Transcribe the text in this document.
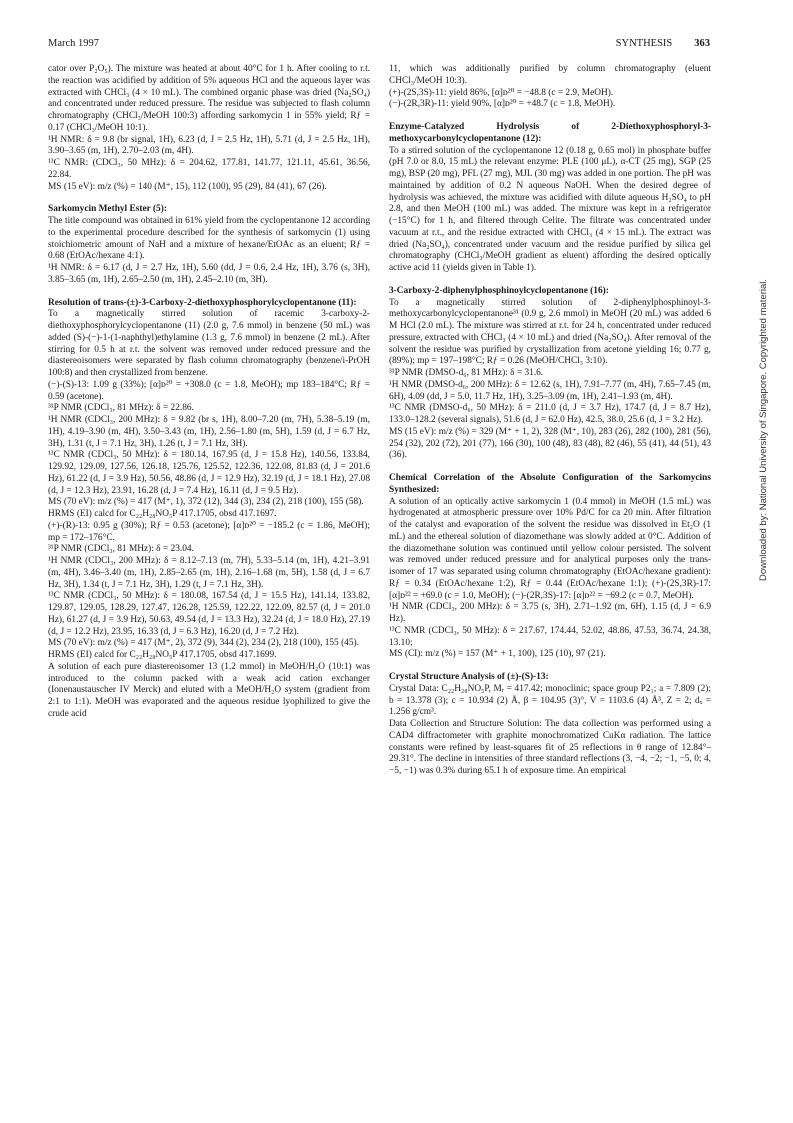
March 1997	SYNTHESIS 363

cator over P₂O₅). The mixture was heated at about 40°C for 1 h. After cooling to r.t. the reaction was acidified by addition of 5% aqueous HCl and the aqueous layer was extracted with CHCl₃ (4 × 10 mL). The combined organic phase was dried (Na₂SO₄) and concentrated under reduced pressure. The residue was subjected to flash column chromatography (CHCl₃/MeOH 100:3) affording sarkomycin 1 in 55% yield; Rƒ = 0.17 (CHCl₃/MeOH 10:1).

¹H NMR: δ = 9.8 (br signal, 1H), 6.23 (d, J = 2.5 Hz, 1H), 5.71 (d, J = 2.5 Hz, 1H), 3.90–3.65 (m, 1H), 2.70–2.03 (m, 4H).

¹³C NMR: (CDCl₃, 50 MHz): δ = 204.62, 177.81, 141.77, 121.11, 45.61, 36.56, 22.84.

MS (15 eV): m/z (%) = 140 (M⁺, 15), 112 (100), 95 (29), 84 (41), 67 (26).

Sarkomycin Methyl Ester (5):

The title compound was obtained in 61% yield from the cyclopentanone 12 according to the experimental procedure described for the synthesis of sarkomycin (1) using stoichiometric amount of NaH and a mixture of hexane/EtOAc as an eluent; Rƒ = 0.68 (EtOAc/hexane 4:1).

¹H NMR: δ = 6.17 (d, J = 2.7 Hz, 1H), 5.60 (dd, J = 0.6, 2.4 Hz, 1H), 3.76 (s, 3H), 3.85–3.65 (m, 1H), 2.65–2.50 (m, 1H), 2.45–2.10 (m, 3H).

Resolution of trans-(±)-3-Carboxy-2-diethoxyphosphorylcyclopentanone (11):

To a magnetically stirred solution of racemic 3-carboxy-2-diethoxyphosphorylcyclopentanone (11) (2.0 g, 7.6 mmol) in benzene (50 mL) was added (S)-(−)-1-(1-naphthyl)ethylamine (1.3 g, 7.6 mmol) in benzene (2 mL). After stirring for 0.5 h at r.t. the solvent was removed under reduced pressure and the diastereoisomers were separated by flash column chromatography (benzene/i-PrOH 100:8) and then crystallized from benzene.

(−)-(S)-13: 1.09 g (33%); [α]ᴅ²⁰ = +308.0 (c = 1.8, MeOH); mp 183–184°C; Rƒ = 0.59 (acetone).

³¹P NMR (CDCl₃, 81 MHz): δ = 22.86.

¹H NMR (CDCl₃, 200 MHz): δ = 9.82 (br s, 1H), 8.00–7.20 (m, 7H), 5.38–5.19 (m, 1H), 4.19–3.90 (m, 4H), 3.50–3.43 (m, 1H), 2.56–1.80 (m, 5H), 1.59 (d, J = 6.7 Hz, 3H), 1.31 (t, J = 7.1 Hz, 3H), 1.26 (t, J = 7.1 Hz, 3H).

¹³C NMR (CDCl₃, 50 MHz): δ = 180.14, 167.95 (d, J = 15.8 Hz), 140.56, 133.84, 129.92, 129.09, 127.56, 126.18, 125.76, 125.52, 122.36, 122.08, 81.83 (d, J = 201.6 Hz), 61.22 (d, J = 3.9 Hz), 50.56, 48.86 (d, J = 12.9 Hz), 32.19 (d, J = 18.1 Hz), 27.08 (d, J = 12.3 Hz), 23.91, 16.28 (d, J = 7.4 Hz), 16.11 (d, J = 9.5 Hz).

MS (70 eV): m/z (%) = 417 (M⁺, 1), 372 (12), 344 (3), 234 (2), 218 (100), 155 (58).

HRMS (EI) calcd for C₂₂H₂₈NO₅P 417.1705, obsd 417.1697.

(+)-(R)-13: 0.95 g (30%); Rƒ = 0.53 (acetone); [α]ᴅ²⁰ = −185.2 (c = 1.86, MeOH); mp = 172–176°C.

³¹P NMR (CDCl₃, 81 MHz): δ = 23.04.

¹H NMR (CDCl₃, 200 MHz): δ = 8.12–7.13 (m, 7H), 5.33–5.14 (m, 1H), 4.21–3.91 (m, 4H), 3.46–3.40 (m, 1H), 2.85–2.65 (m, 1H), 2.16–1.68 (m, 5H), 1.58 (d, J = 6.7 Hz, 3H), 1.34 (t, J = 7.1 Hz, 3H), 1.29 (t, J = 7.1 Hz, 3H).

¹³C NMR (CDCl₃, 50 MHz): δ = 180.08, 167.54 (d, J = 15.5 Hz), 141.14, 133.82, 129.87, 129.05, 128.29, 127.47, 126.28, 125.59, 122.22, 122.09, 82.57 (d, J = 201.0 Hz), 61.27 (d, J = 3.9 Hz), 50.63, 49.54 (d, J = 13.3 Hz), 32.24 (d, J = 18.0 Hz), 27.19 (d, J = 12.2 Hz), 23.95, 16.33 (d, J = 6.3 Hz), 16.20 (d, J = 7.2 Hz).

MS (70 eV): m/z (%) = 417 (M⁺, 2), 372 (9), 344 (2), 234 (2), 218 (100), 155 (45).

HRMS (EI) calcd for C₂₂H₂₈NO₅P 417.1705, obsd 417.1699.

A solution of each pure diastereoisomer 13 (1.2 mmol) in MeOH/H₂O (10:1) was introduced to the column packed with a weak acid cation exchanger (Ionenaustauscher IV Merck) and eluted with a MeOH/H₂O system (gradient from 2:1 to 1:1). MeOH was evaporated and the aqueous residue lyophilized to give the crude acid

11, which was additionally purified by column chromatography (eluent CHCl₃/MeOH 10:3).

(+)-(2S,3S)-11: yield 86%, [α]ᴅ²⁰ = −48.8 (c = 2.9, MeOH).

(−)-(2R,3R)-11: yield 90%, [α]ᴅ²⁰ = +48.7 (c = 1.8, MeOH).

Enzyme-Catalyzed Hydrolysis of 2-Diethoxyphosphoryl-3-methoxycarbonylcyclopentanone (12):

To a stirred solution of the cyclopentanone 12 (0.18 g, 0.65 mol) in phosphate buffer (pH 7.0 or 8.0, 15 mL) the relevant enzyme: PLE (100 μL), α-CT (25 mg), SGP (25 mg), BSP (20 mg), PFL (27 mg), MJL (30 mg) was added in one portion. The pH was maintained by addition of 0.2 N aqueous NaOH. When the desired degree of hydrolysis was achieved, the mixture was acidified with dilute aqueous H₂SO₄ to pH 2.8, and then MeOH (100 mL) was added. The mixture was kept in a refrigerator (−15°C) for 1 h, and filtered through Celite. The filtrate was concentrated under vacuum at r.t., and the residue extracted with CHCl₃ (4 × 15 mL). The extract was dried (Na₂SO₄), concentrated under vacuum and the residue purified by silica gel chromatography (CHCl₃/MeOH gradient as eluent) affording the desired optically active acid 11 (yields given in Table 1).

3-Carboxy-2-diphenylphosphinoylcyclopentanone (16):

To a magnetically stirred solution of 2-diphenylphosphinoyl-3-methoxycarbonylcyclopentanone³¹ (0.9 g, 2.6 mmol) in MeOH (20 mL) was added 6 M HCl (2.0 mL). The mixture was stirred at r.t. for 24 h, concentrated under reduced pressure, extracted with CHCl₃ (4 × 10 mL) and dried (Na₂SO₄). After removal of the solvent the residue was purified by crystallization from acetone yielding 16; 0.77 g, (89%); mp = 197–198°C; Rƒ = 0.26 (MeOH/CHCl₃ 3:10).

³¹P NMR (DMSO-d₆, 81 MHz): δ = 31.6.

¹H NMR (DMSO-d₆, 200 MHz): δ = 12.62 (s, 1H), 7.91–7.77 (m, 4H), 7.65–7.45 (m, 6H), 4.09 (dd, J = 5.0, 11.7 Hz, 1H), 3.25–3.09 (m, 1H), 2.41–1.93 (m, 4H).

¹³C NMR (DMSO-d₆, 50 MHz): δ = 211.0 (d, J = 3.7 Hz), 174.7 (d, J = 8.7 Hz), 133.0–128.2 (several signals), 51.6 (d, J = 62.0 Hz), 42.5, 38.0, 25.6 (d, J = 3.2 Hz).

MS (15 eV): m/z (%) = 329 (M⁺ + 1, 2), 328 (M⁺, 10), 283 (26), 282 (100), 281 (56), 254 (32), 202 (72), 201 (77), 166 (30), 100 (48), 83 (48), 82 (46), 55 (41), 44 (51), 43 (36).

Chemical Correlation of the Absolute Configuration of the Sarkomycins Synthesized:

A solution of an optically active sarkomycin 1 (0.4 mmol) in MeOH (1.5 mL) was hydrogenated at atmospheric pressure over 10% Pd/C for ca 20 min. After filtration of the catalyst and evaporation of the solvent the residue was dissolved in Et₂O (1 mL) and the ethereal solution of diazomethane was slowly added at 0°C. Addition of the diazomethane solution was continued until yellow colour persisted. The solvent was removed under reduced pressure and for analytical purposes only the trans-isomer of 17 was separated using column chromatography (EtOAc/hexane gradient): Rƒ = 0.34 (EtOAc/hexane 1:2), Rƒ = 0.44 (EtOAc/hexane 1:1); (+)-(2S,3R)-17: [α]ᴅ²² = +69.0 (c = 1.0, MeOH); (−)-(2R,3S)-17: [α]ᴅ²² = −69.2 (c = 0.7, MeOH).

¹H NMR (CDCl₃, 200 MHz): δ = 3.75 (s, 3H), 2.71–1.92 (m, 6H), 1.15 (d, J = 6.9 Hz).

¹³C NMR (CDCl₃, 50 MHz): δ = 217.67, 174.44, 52.02, 48.86, 47.53, 36.74, 24.38, 13.10;

MS (CI): m/z (%) = 157 (M⁺ + 1, 100), 125 (10), 97 (21).

Crystal Structure Analysis of (±)-(S)-13:

Crystal Data: C₂₂H₂₈NO₅P, Mᵣ = 417.42; monoclinic; space group P2₁; a = 7.809 (2); b = 13.378 (3); c = 10.934 (2) Å, β = 104.95 (3)°, V = 1103.6 (4) Å³, Z = 2; dₓ = 1.256 g/cm³.

Data Collection and Structure Solution: The data collection was performed using a CAD4 diffractometer with graphite monochromatized CuKα radiation. The lattice constants were refined by least-squares fit of 25 reflections in θ range of 12.84°–29.31°. The decline in intensities of three standard reflections (3, −4, −2; −1, −5, 0; 4, −5, −1) was 0.3% during 65.1 h of exposure time. An empirical

Downloaded by: National University of Singapore. Copyrighted material.
